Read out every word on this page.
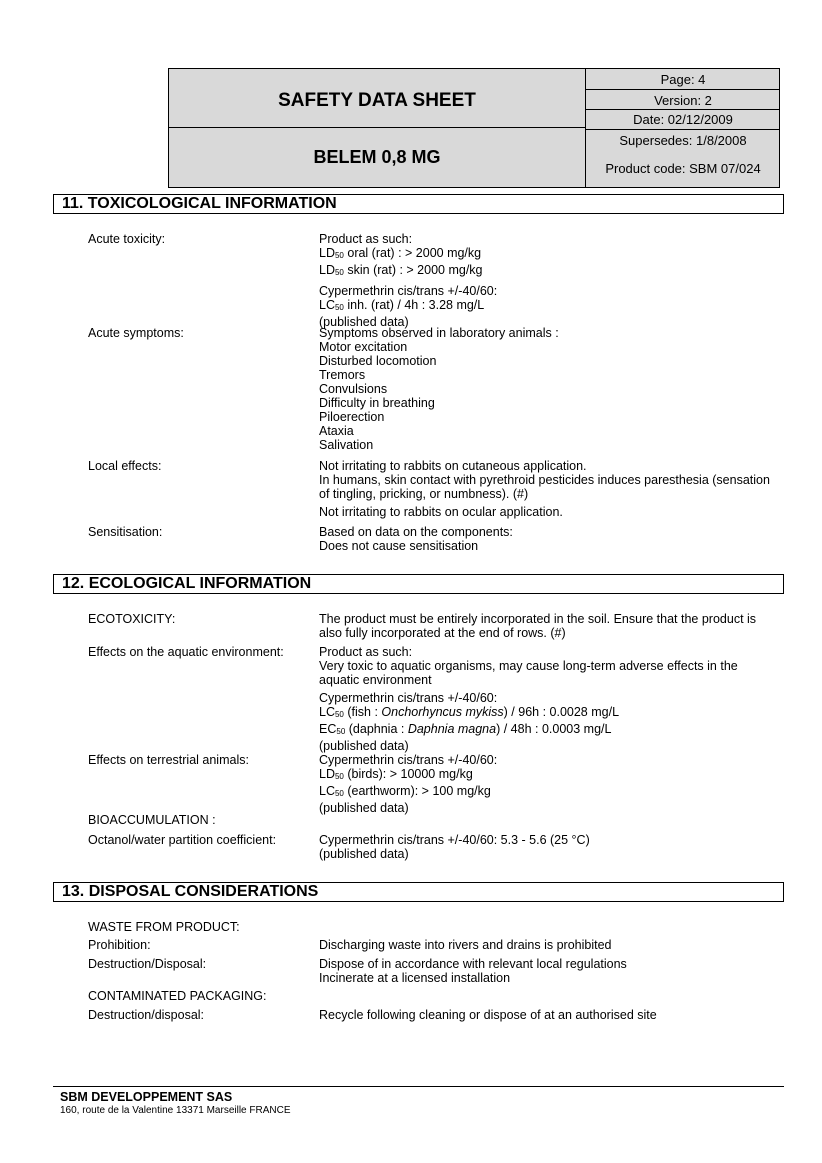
SAFETY DATA SHEET
BELEM 0,8 MG
Page: 4
Version: 2
Date: 02/12/2009
Supersedes: 1/8/2008
Product code: SBM 07/024
11. TOXICOLOGICAL INFORMATION
Acute toxicity:	Product as such:
$LD_{50}$ oral (rat) : > 2000 mg/kg
$LD_{50}$ skin (rat) : > 2000 mg/kg
Cypermethrin cis/trans +/-40/60:
$LC_{50}$ inh. (rat) / 4h : 3.28 mg/L
(published data)
Acute symptoms:	Symptoms observed in laboratory animals :
Motor excitation
Disturbed locomotion
Tremors
Convulsions
Difficulty in breathing
Piloerection
Ataxia
Salivation
Local effects:	Not irritating to rabbits on cutaneous application.
In humans, skin contact with pyrethroid pesticides induces paresthesia (sensation of tingling, pricking, or numbness). (#)
Not irritating to rabbits on ocular application.
Sensitisation:	Based on data on the components:
Does not cause sensitisation
12. ECOLOGICAL INFORMATION
ECOTOXICITY:	The product must be entirely incorporated in the soil. Ensure that the product is also fully incorporated at the end of rows. (#)
Effects on the aquatic environment:	Product as such:
Very toxic to aquatic organisms, may cause long-term adverse effects in the aquatic environment
Cypermethrin cis/trans +/-40/60:
$LC_{50}$ (fish : Onchorhyncus mykiss) / 96h : 0.0028 mg/L
$EC_{50}$ (daphnia : Daphnia magna) / 48h : 0.0003 mg/L
(published data)
Effects on terrestrial animals:	Cypermethrin cis/trans +/-40/60:
$LD_{50}$ (birds): > 10000 mg/kg
$LC_{50}$ (earthworm): > 100 mg/kg
(published data)
BIOACCUMULATION :
Octanol/water partition coefficient:	Cypermethrin cis/trans +/-40/60: 5.3 - 5.6 (25 °C)
(published data)
13. DISPOSAL CONSIDERATIONS
WASTE FROM PRODUCT:
Prohibition:	Discharging waste into rivers and drains is prohibited
Destruction/Disposal:	Dispose of in accordance with relevant local regulations
Incinerate at a licensed installation
CONTAMINATED PACKAGING:
Destruction/disposal:	Recycle following cleaning or dispose of at an authorised site
SBM DEVELOPPEMENT SAS
160, route de la Valentine 13371 Marseille FRANCE
